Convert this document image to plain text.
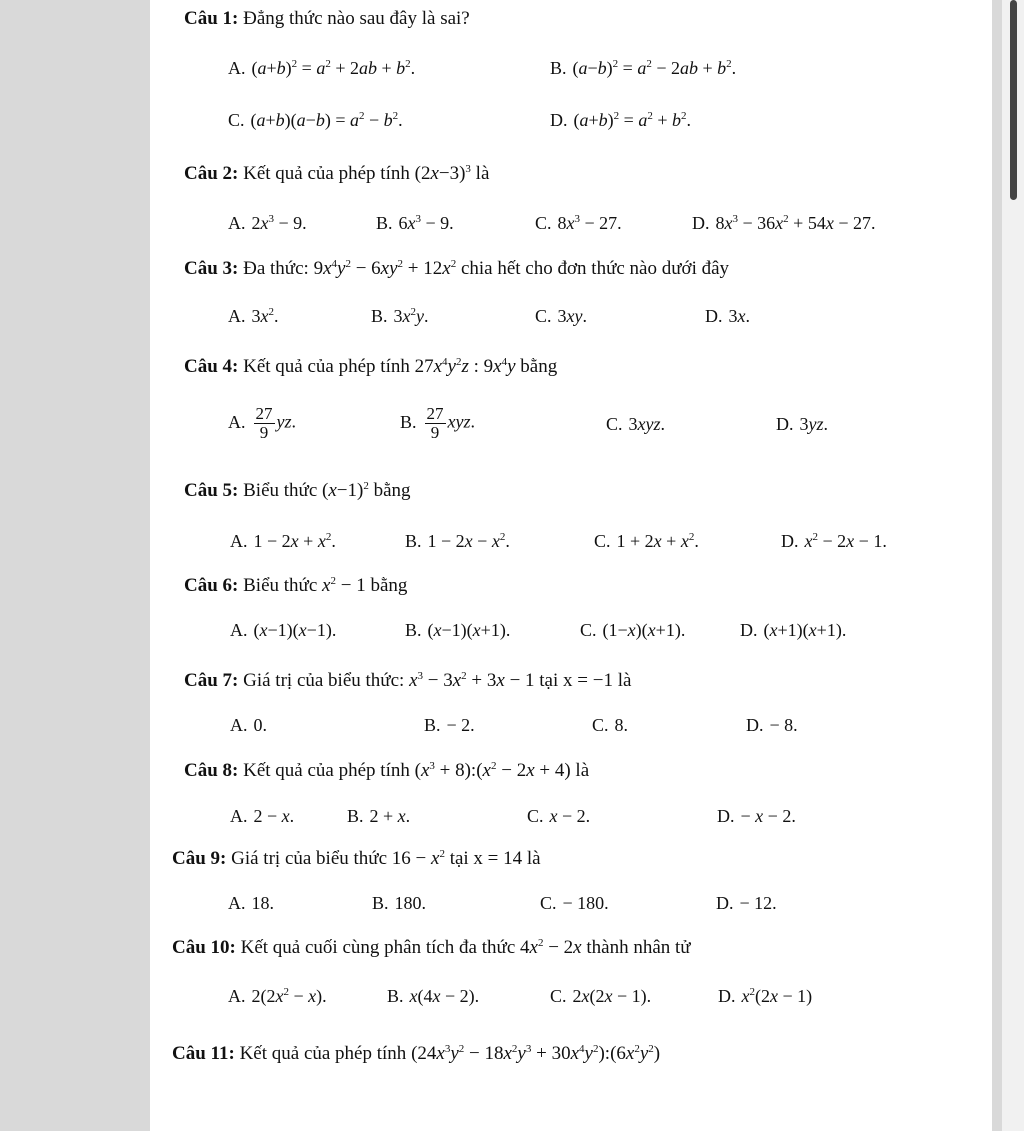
Câu 1: Đẳng thức nào sau đây là sai?
A. $(a+b)^2 = a^2 + 2ab + b^2$.	B. $(a-b)^2 = a^2 - 2ab + b^2$.
C. $(a+b)(a-b) = a^2 - b^2$.	D. $(a+b)^2 = a^2 + b^2$.
Câu 2: Kết quả của phép tính $(2x-3)^3$ là
A. $2x^3 - 9$.	B. $6x^3 - 9$.	C. $8x^3 - 27$.	D. $8x^3 - 36x^2 + 54x - 27$.
Câu 3: Đa thức: $9x^4y^2 - 6xy^2 + 12x^2$ chia hết cho đơn thức nào dưới đây
A. $3x^2$.	B. $3x^2y$.	C. 3xy.	D. 3x.
Câu 4: Kết quả của phép tính $27x^4y^2z$ : $9x^4y$ bằng
A. $\frac{27}{9}$ yz.	B. $\frac{27}{9}$ xyz.	C. 3xyz.	D. 3yz.
Câu 5: Biểu thức $(x-1)^2$ bằng
A. $1 - 2x + x^2$.	B. $1 - 2x - x^2$.	C. $1 + 2x + x^2$.	D. $x^2 - 2x - 1$.
Câu 6: Biểu thức $x^2 - 1$ bằng
A. (x−1)(x−1).	B. (x−1)(x+1).	C. (1−x)(x+1).	D. (x+1)(x+1).
Câu 7: Giá trị của biểu thức: $x^3 - 3x^2 + 3x - 1$ tại x = −1 là
A. 0.	B. − 2.	C. 8.	D. − 8.
Câu 8: Kết quả của phép tính ($x^3$ + $8):(x^2 - 2x + 4)$ là
A. 2 − x.	B. 2 + x.	C. x − 2.	D. − x − 2.
Câu 9: Giá trị của biểu thức $16 - x^2$ tại x = 14 là
A. 18.	B. 180.	C. − 180.	D. − 12.
Câu 10: Kết quả cuối cùng phân tích đa thức $4x^2 - 2x$ thành nhân tử
A. $2(2x^2 - x)$.	B. x(4x − 2).	C. 2x(2x − 1).	D. $x^2(2x - 1)$
Câu 11: Kết quả của phép tính ($24x^3y^2 - 18x^2y^3$ + $30x^4y^2):(6x^2y^2)$
